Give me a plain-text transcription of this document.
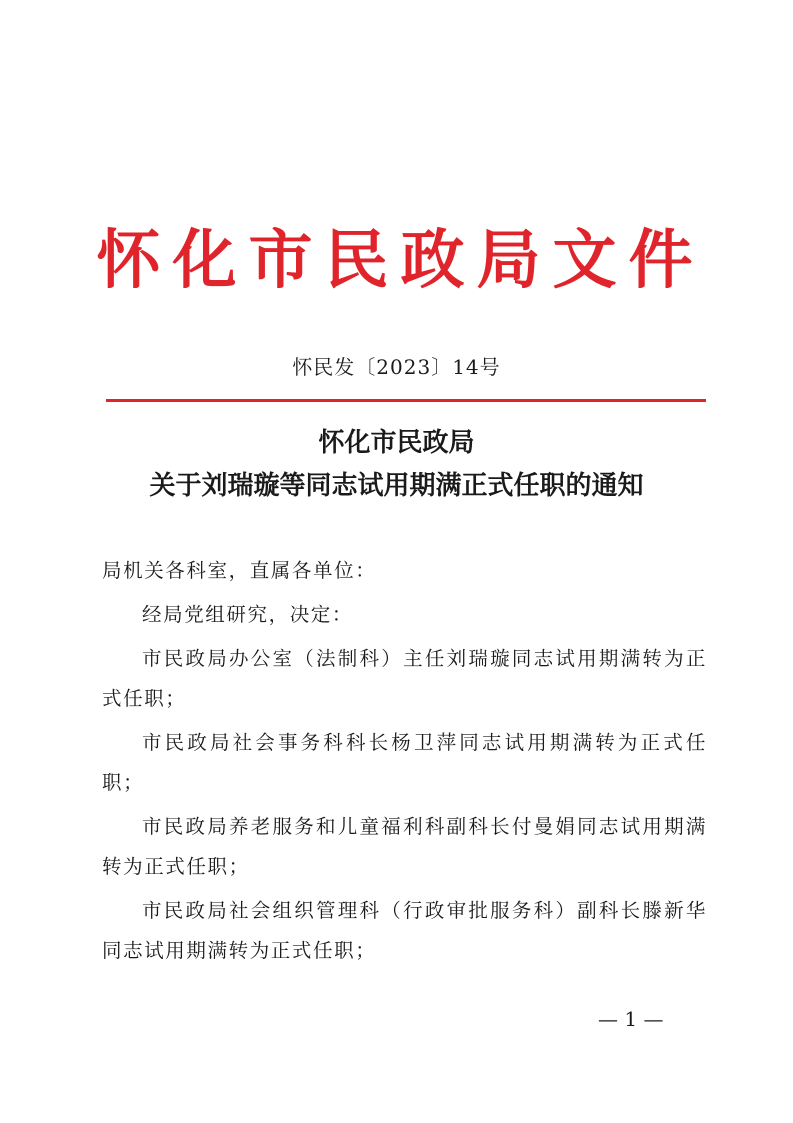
怀化市民政局文件
怀民发〔2023〕14号
怀化市民政局
关于刘瑞璇等同志试用期满正式任职的通知

局机关各科室，直属各单位：

经局党组研究，决定：

市民政局办公室（法制科）主任刘瑞璇同志试用期满转为正式任职；

市民政局社会事务科科长杨卫萍同志试用期满转为正式任职；

市民政局养老服务和儿童福利科副科长付曼娟同志试用期满转为正式任职；

市民政局社会组织管理科（行政审批服务科）副科长滕新华同志试用期满转为正式任职；

— 1 —
